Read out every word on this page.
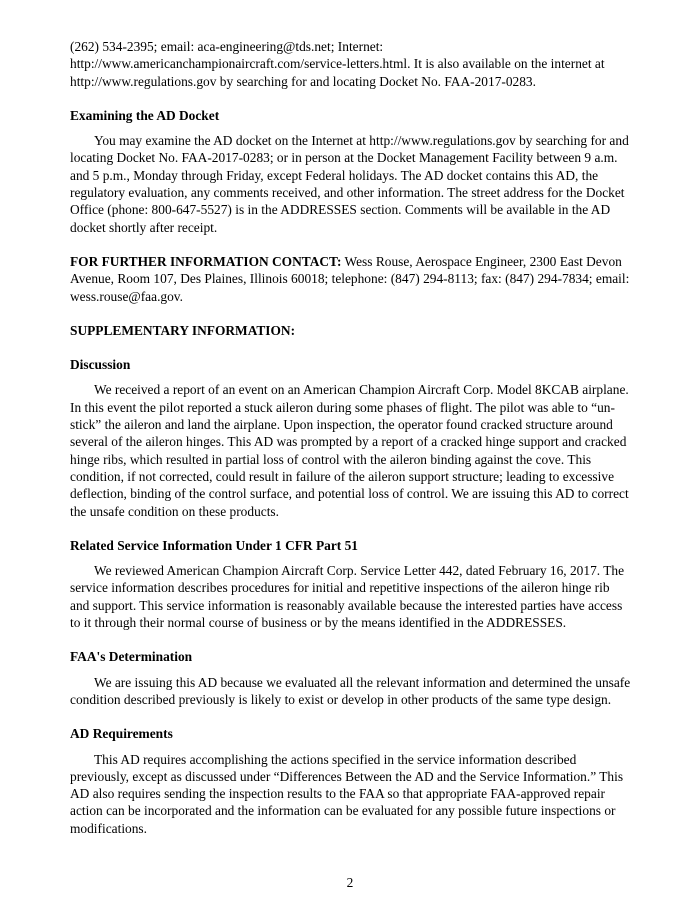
(262) 534-2395; email: aca-engineering@tds.net; Internet: http://www.americanchampionaircraft.com/service-letters.html. It is also available on the internet at http://www.regulations.gov by searching for and locating Docket No. FAA-2017-0283.

Examining the AD Docket

You may examine the AD docket on the Internet at http://www.regulations.gov by searching for and locating Docket No. FAA-2017-0283; or in person at the Docket Management Facility between 9 a.m. and 5 p.m., Monday through Friday, except Federal holidays. The AD docket contains this AD, the regulatory evaluation, any comments received, and other information. The street address for the Docket Office (phone: 800-647-5527) is in the ADDRESSES section. Comments will be available in the AD docket shortly after receipt.

FOR FURTHER INFORMATION CONTACT: Wess Rouse, Aerospace Engineer, 2300 East Devon Avenue, Room 107, Des Plaines, Illinois 60018; telephone: (847) 294-8113; fax: (847) 294-7834; email: wess.rouse@faa.gov.

SUPPLEMENTARY INFORMATION:

Discussion

We received a report of an event on an American Champion Aircraft Corp. Model 8KCAB airplane. In this event the pilot reported a stuck aileron during some phases of flight. The pilot was able to “un-stick” the aileron and land the airplane. Upon inspection, the operator found cracked structure around several of the aileron hinges. This AD was prompted by a report of a cracked hinge support and cracked hinge ribs, which resulted in partial loss of control with the aileron binding against the cove. This condition, if not corrected, could result in failure of the aileron support structure; leading to excessive deflection, binding of the control surface, and potential loss of control. We are issuing this AD to correct the unsafe condition on these products.

Related Service Information Under 1 CFR Part 51

We reviewed American Champion Aircraft Corp. Service Letter 442, dated February 16, 2017. The service information describes procedures for initial and repetitive inspections of the aileron hinge rib and support. This service information is reasonably available because the interested parties have access to it through their normal course of business or by the means identified in the ADDRESSES.

FAA's Determination

We are issuing this AD because we evaluated all the relevant information and determined the unsafe condition described previously is likely to exist or develop in other products of the same type design.

AD Requirements

This AD requires accomplishing the actions specified in the service information described previously, except as discussed under “Differences Between the AD and the Service Information.” This AD also requires sending the inspection results to the FAA so that appropriate FAA-approved repair action can be incorporated and the information can be evaluated for any possible future inspections or modifications.

2
